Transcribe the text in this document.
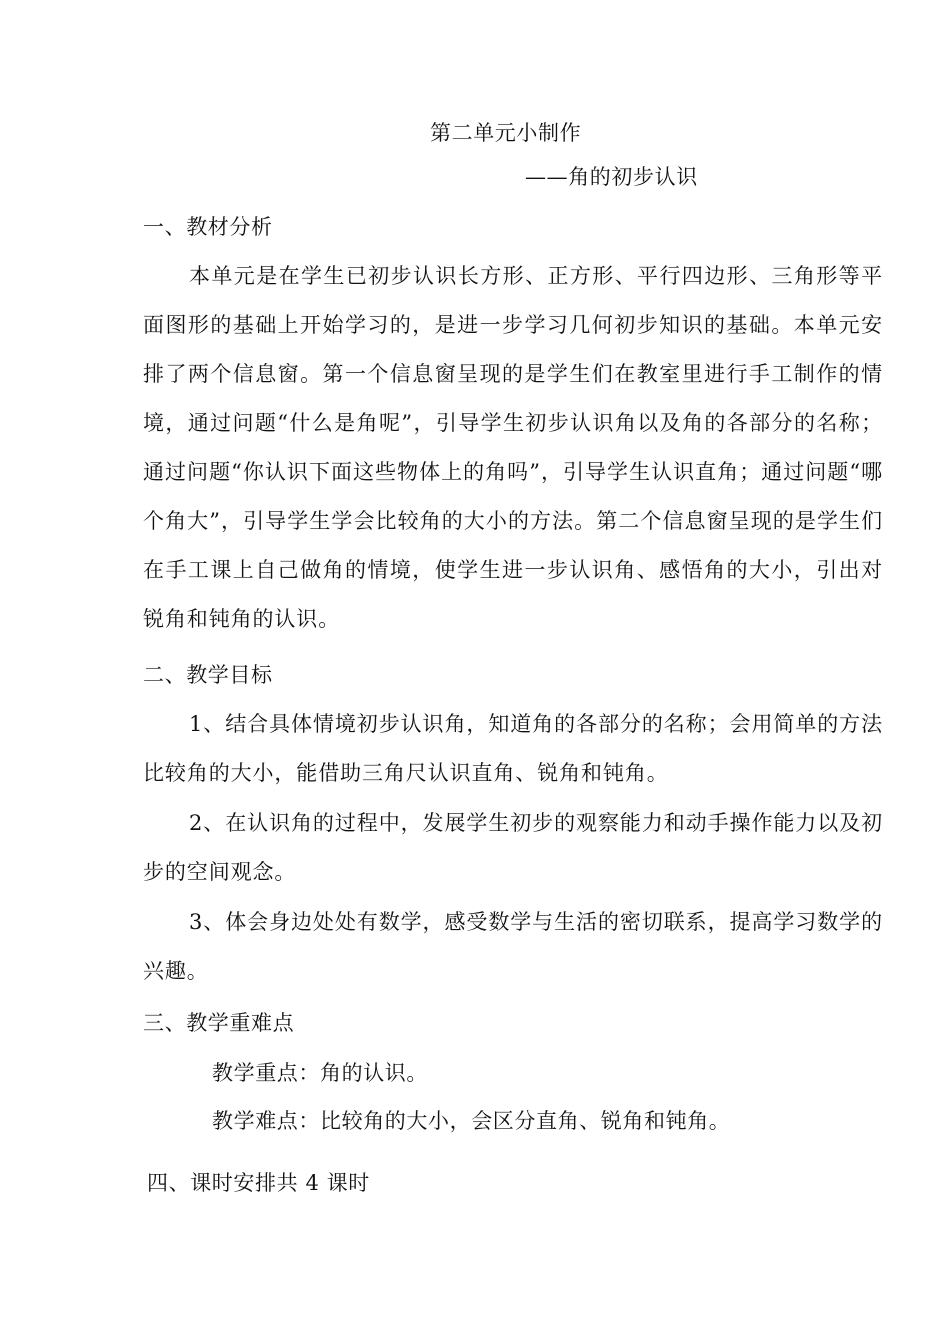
第二单元小制作
——角的初步认识
一、教材分析
本单元是在学生已初步认识长方形、正方形、平行四边形、三角形等平面图形的基础上开始学习的，是进一步学习几何初步知识的基础。本单元安排了两个信息窗。第一个信息窗呈现的是学生们在教室里进行手工制作的情境，通过问题“什么是角呢”，引导学生初步认识角以及角的各部分的名称；通过问题“你认识下面这些物体上的角吗”，引导学生认识直角；通过问题“哪个角大”，引导学生学会比较角的大小的方法。第二个信息窗呈现的是学生们在手工课上自己做角的情境，使学生进一步认识角、感悟角的大小，引出对锐角和钝角的认识。
二、教学目标
1、结合具体情境初步认识角，知道角的各部分的名称；会用简单的方法比较角的大小，能借助三角尺认识直角、锐角和钝角。
2、在认识角的过程中，发展学生初步的观察能力和动手操作能力以及初步的空间观念。
3、体会身边处处有数学，感受数学与生活的密切联系，提高学习数学的兴趣。
三、教学重难点
教学重点：角的认识。
教学难点：比较角的大小，会区分直角、锐角和钝角。
四、课时安排共 4 课时
